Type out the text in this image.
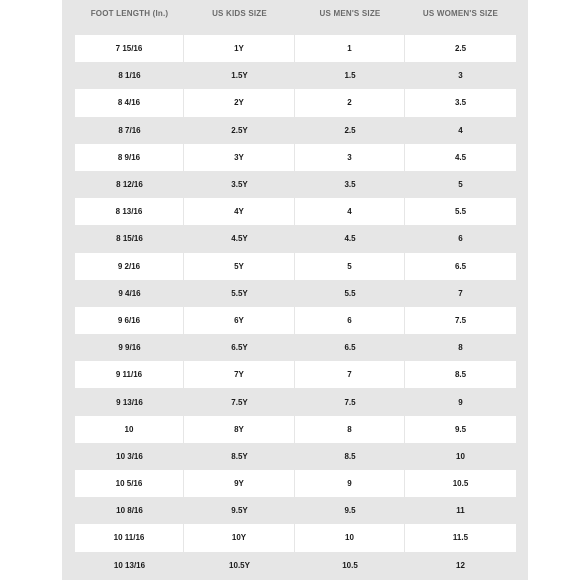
FOOT LENGTH (In.)	US KIDS SIZE	US MEN'S SIZE	US WOMEN'S SIZE
7 15/16	1Y	1	2.5
8 1/16	1.5Y	1.5	3
8 4/16	2Y	2	3.5
8 7/16	2.5Y	2.5	4
8 9/16	3Y	3	4.5
8 12/16	3.5Y	3.5	5
8 13/16	4Y	4	5.5
8 15/16	4.5Y	4.5	6
9 2/16	5Y	5	6.5
9 4/16	5.5Y	5.5	7
9 6/16	6Y	6	7.5
9 9/16	6.5Y	6.5	8
9 11/16	7Y	7	8.5
9 13/16	7.5Y	7.5	9
10	8Y	8	9.5
10 3/16	8.5Y	8.5	10
10 5/16	9Y	9	10.5
10 8/16	9.5Y	9.5	11
10 11/16	10Y	10	11.5
10 13/16	10.5Y	10.5	12
